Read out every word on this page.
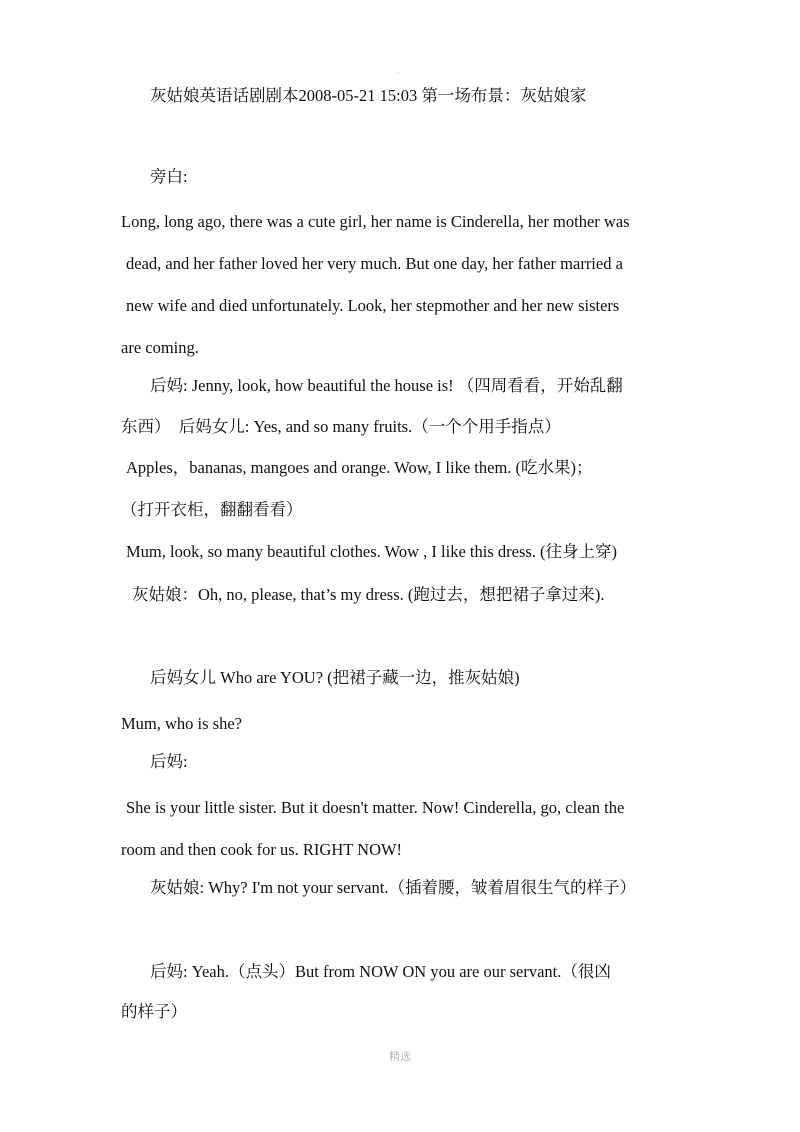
.
灰姑娘英语话剧剧本2008-05-21 15:03 第一场布景：灰姑娘家
旁白:
Long, long ago, there was a cute girl, her name is Cinderella, her mother was
dead, and her father loved her very much. But one day, her father married a
new wife and died unfortunately. Look, her stepmother and her new sisters
are coming.
后妈: Jenny, look, how beautiful the house is! （四周看看，开始乱翻
东西）　后妈女儿: Yes, and so many fruits.（一个个用手指点）
Apples，bananas, mangoes and orange. Wow, I like them. (吃水果)；
（打开衣柜，翻翻看看）
Mum, look, so many beautiful clothes. Wow , I like this dress. (往身上穿)
灰姑娘：Oh, no, please, that’s my dress. (跑过去，想把裙子拿过来).
后妈女儿 Who are YOU? (把裙子藏一边，推灰姑娘)
Mum, who is she?
后妈:
She is your little sister. But it doesn't matter. Now! Cinderella, go, clean the
room and then cook for us. RIGHT NOW!
灰姑娘: Why? I'm not your servant.（插着腰，皱着眉很生气的样子）
后妈: Yeah.（点头）But from NOW ON you are our servant.（很凶
的样子）
精选
